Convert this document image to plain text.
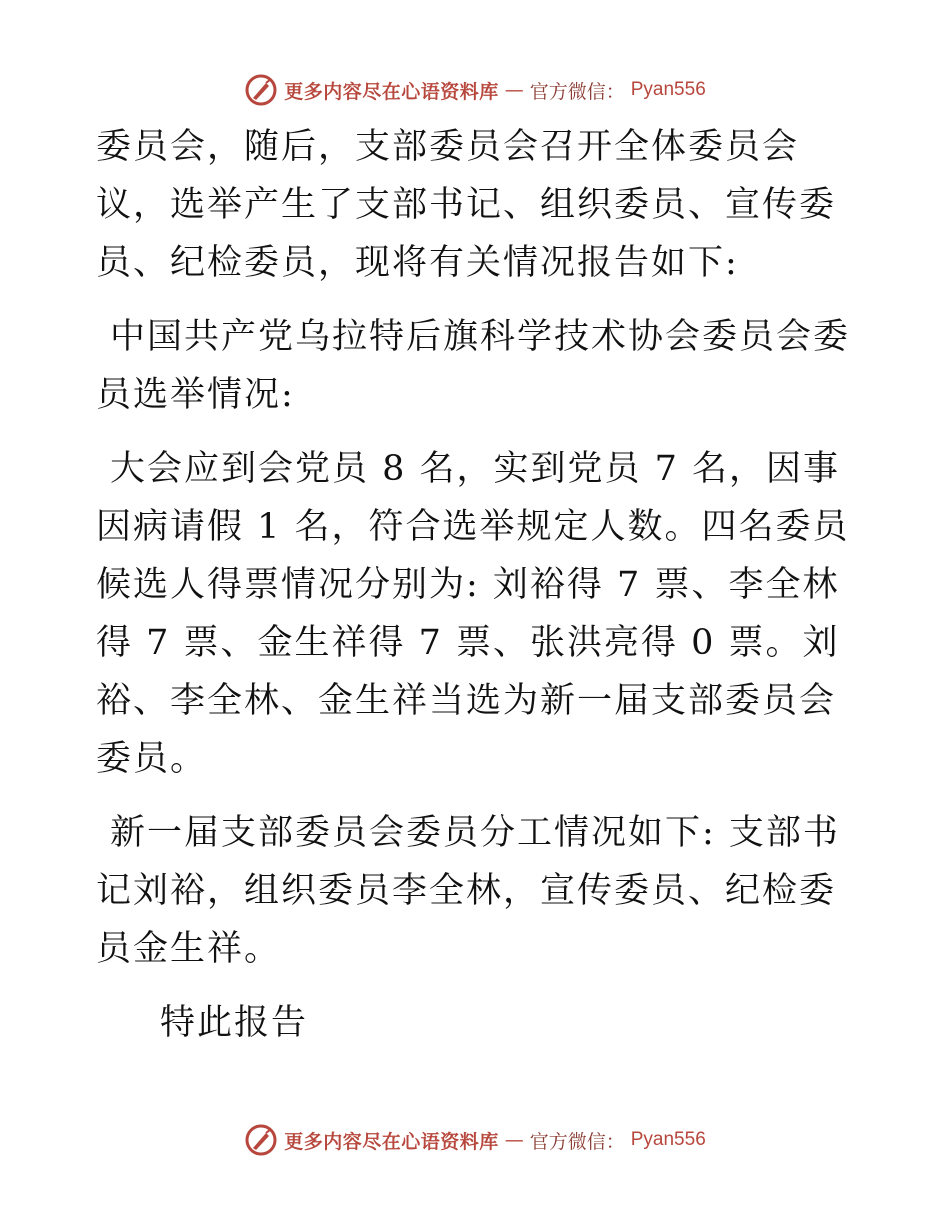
更多内容尽在心语资料库 — 官方微信： Pyan556

委员会，随后，支部委员会召开全体委员会议，选举产生了支部书记、组织委员、宣传委员、纪检委员，现将有关情况报告如下:

中国共产党乌拉特后旗科学技术协会委员会委员选举情况:

大会应到会党员 8 名，实到党员 7 名，因事因病请假 1 名，符合选举规定人数。四名委员候选人得票情况分别为: 刘裕得 7 票、李全林得 7 票、金生祥得 7 票、张洪亮得 0 票。刘裕、李全林、金生祥当选为新一届支部委员会委员。

新一届支部委员会委员分工情况如下: 支部书记刘裕，组织委员李全林，宣传委员、纪检委员金生祥。

特此报告

更多内容尽在心语资料库 — 官方微信： Pyan556
